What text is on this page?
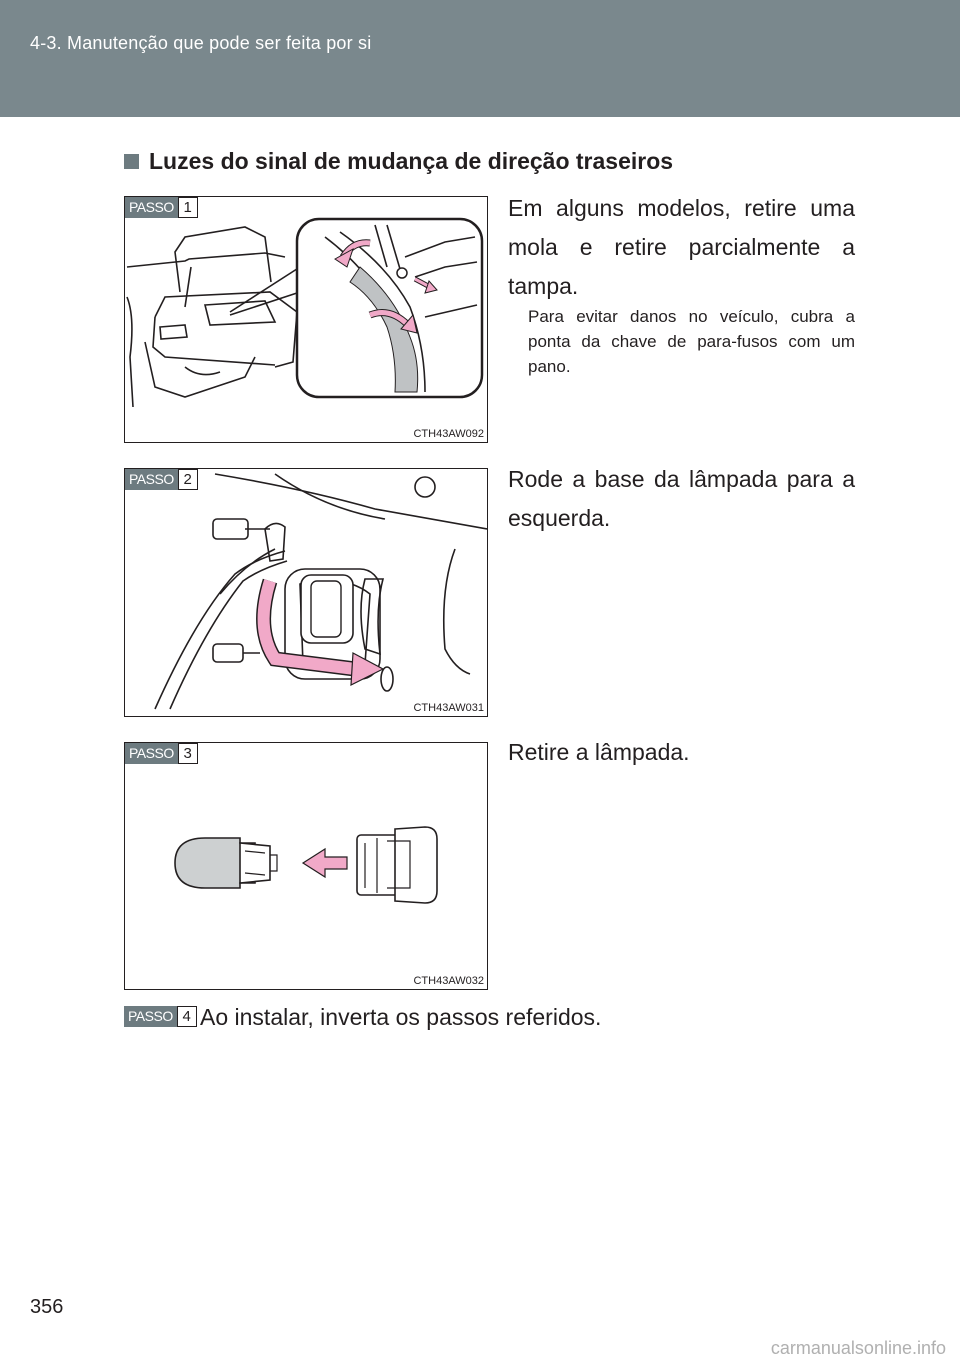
4-3. Manutenção que pode ser feita por si
Luzes do sinal de mudança de direção traseiros
PASSO 1
CTH43AW092
Em alguns modelos, retire uma mola e retire parcialmente a tampa.
Para evitar danos no veículo, cubra a ponta da chave de para-fusos com um pano.
PASSO 2
CTH43AW031
Rode a base da lâmpada para a esquerda.
PASSO 3
CTH43AW032
Retire a lâmpada.
PASSO 4 Ao instalar, inverta os passos referidos.
356
carmanualsonline.info
